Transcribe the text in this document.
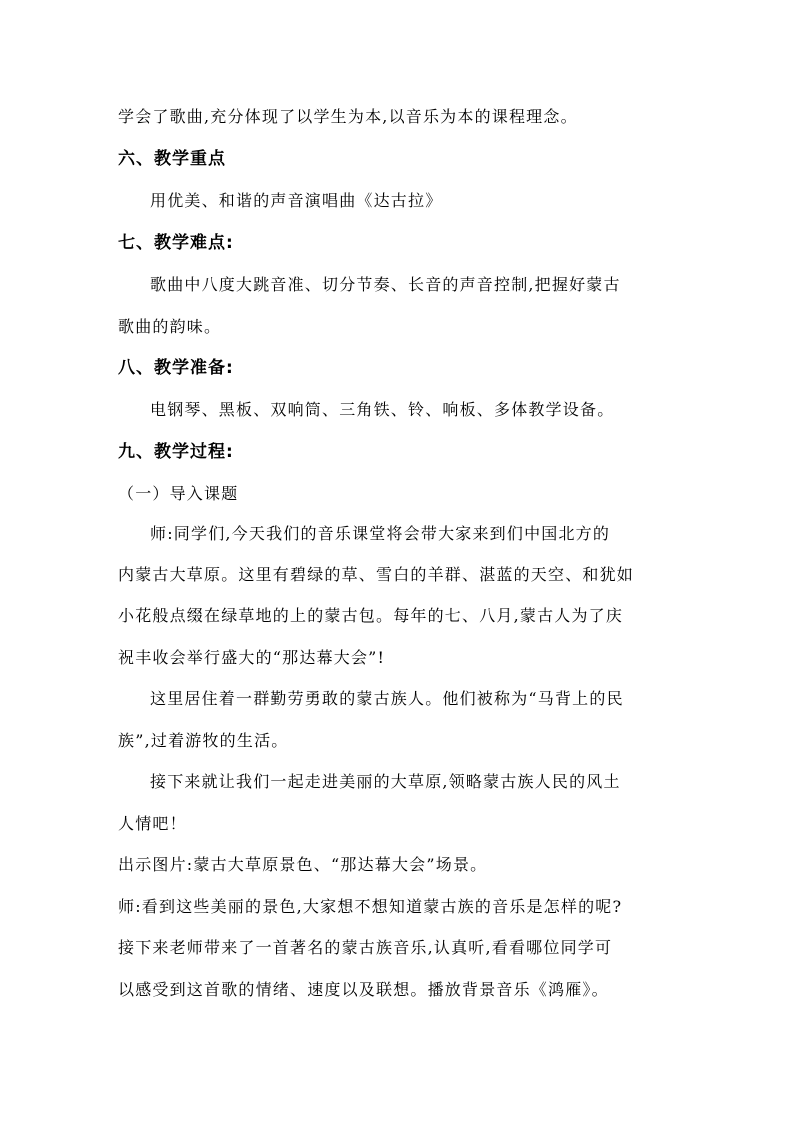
学会了歌曲,充分体现了以学生为本,以音乐为本的课程理念。
六、教学重点
用优美、和谐的声音演唱曲《达古拉》
七、教学难点:
歌曲中八度大跳音准、切分节奏、长音的声音控制,把握好蒙古
歌曲的韵味。
八、教学准备:
电钢琴、黑板、双响筒、三角铁、铃、响板、多体教学设备。
九、教学过程:
（一）导入课题
师:同学们,今天我们的音乐课堂将会带大家来到们中国北方的
内蒙古大草原。这里有碧绿的草、雪白的羊群、湛蓝的天空、和犹如
小花般点缀在绿草地的上的蒙古包。每年的七、八月,蒙古人为了庆
祝丰收会举行盛大的“那达幕大会”!
这里居住着一群勤劳勇敢的蒙古族人。他们被称为“马背上的民
族”,过着游牧的生活。
接下来就让我们一起走进美丽的大草原,领略蒙古族人民的风土
人情吧！
出示图片:蒙古大草原景色、“那达幕大会”场景。
师:看到这些美丽的景色,大家想不想知道蒙古族的音乐是怎样的呢?
接下来老师带来了一首著名的蒙古族音乐,认真听,看看哪位同学可
以感受到这首歌的情绪、速度以及联想。播放背景音乐《鸿雁》。
